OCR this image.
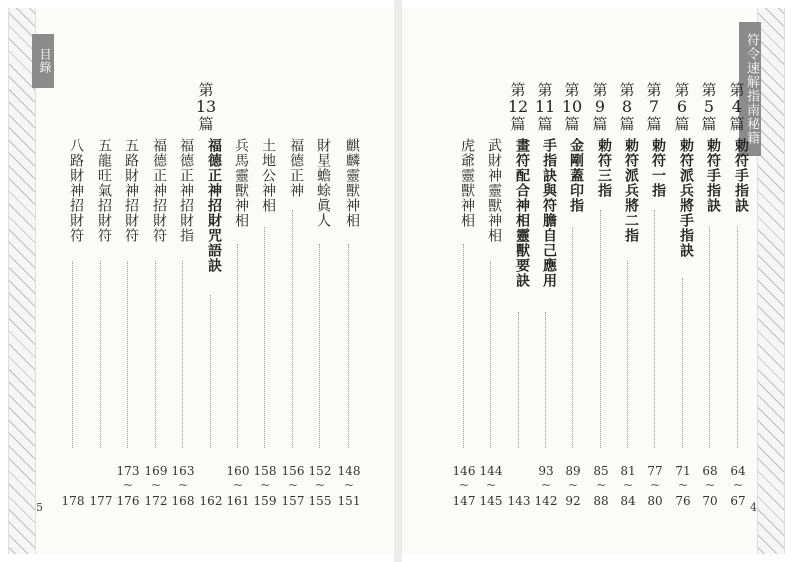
目錄
5
第
13
篇
麒麟靈獸神相
148
~
151
財星蟾蜍眞人
152
~
155
福德正神
156
~
157
土地公神相
158
~
159
兵馬靈獸神相
160
~
161
福德正神招財咒語訣
162
福德正神招財指
163
~
168
福德正神招財符
169
~
172
五路財神招財符
173
~
176
五龍旺氣招財符
177
八路財神招財符
178
符令速解指南秘籍
4
第
4
篇
勅符手指訣
64
~
67
第
5
篇
勅符手指訣
68
~
70
第
6
篇
勅符派兵將手指訣
71
~
76
第
7
篇
勅符一指
77
~
80
第
8
篇
勅符派兵將二指
81
~
84
第
9
篇
勅符三指
85
~
88
第
10
篇
金剛蓋印指
89
~
92
第
11
篇
手指訣與符膽自己應用
93
~
142
第
12
篇
畫符配合神相靈獸要訣
143
武財神靈獸神相
144
~
145
虎爺靈獸神相
146
~
147
